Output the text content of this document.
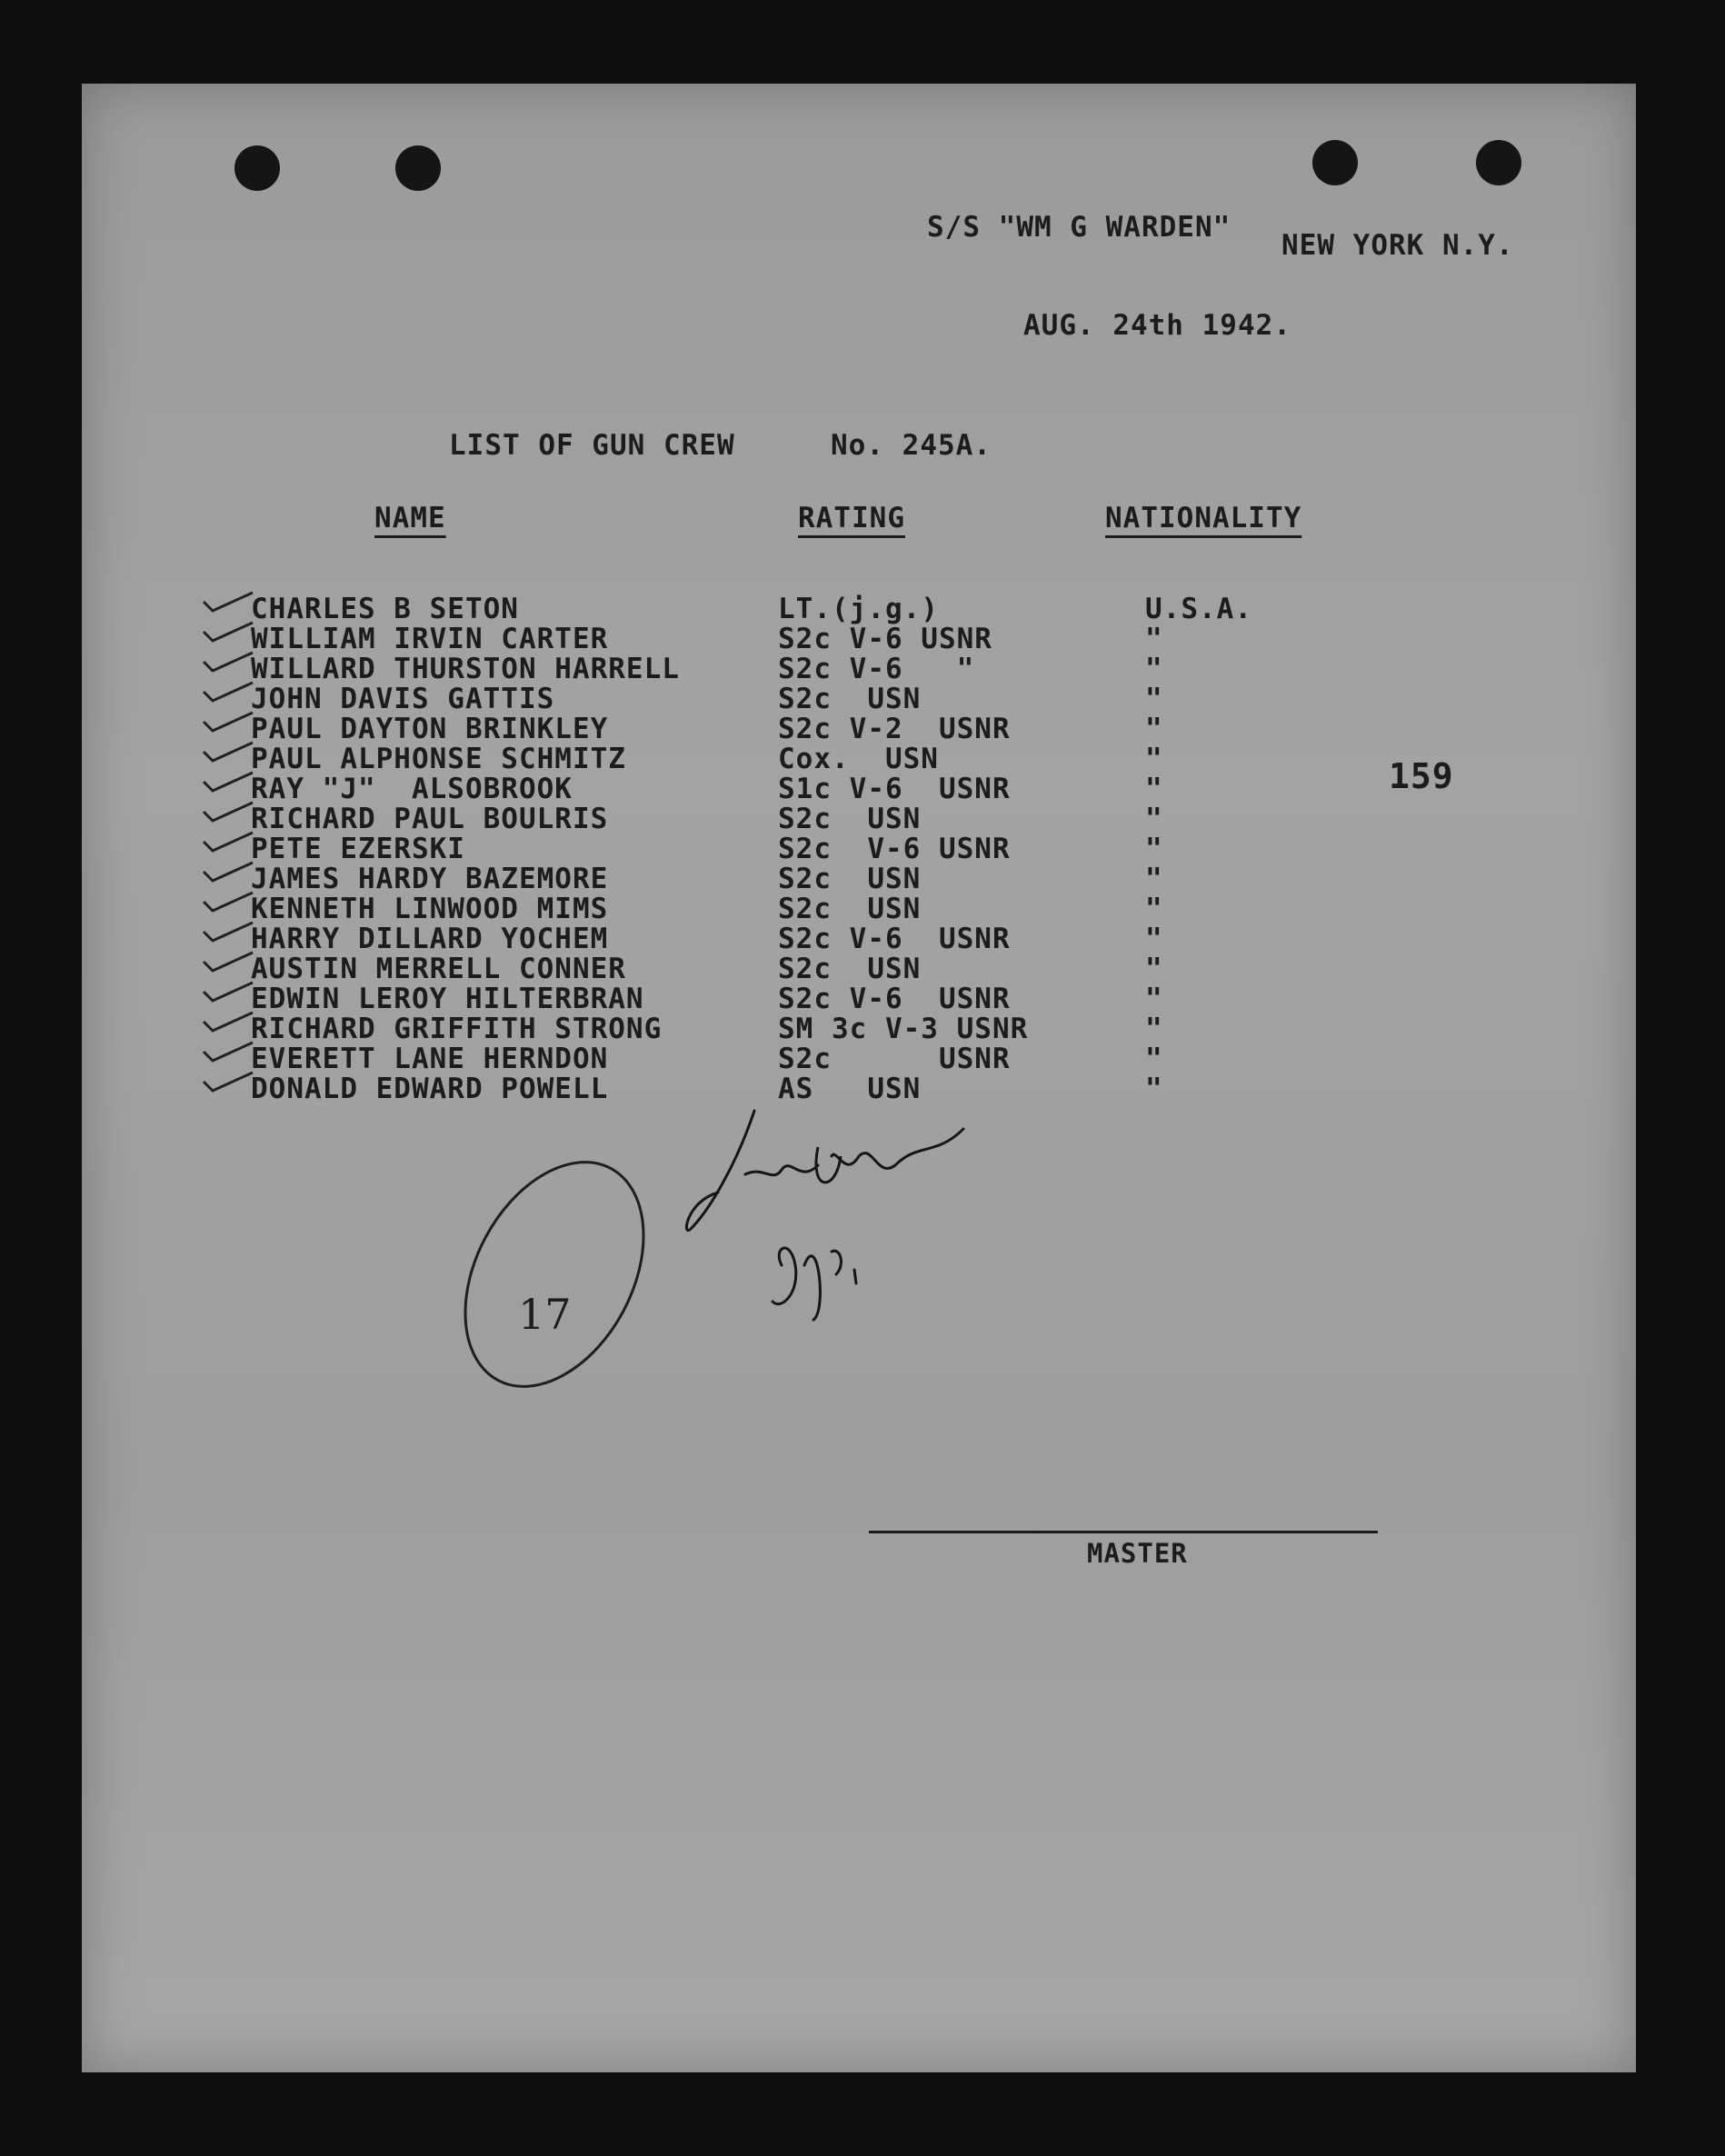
S/S "WM G WARDEN"
NEW YORK N.Y.
AUG. 24th 1942.
LIST OF GUN CREW	No. 245A.
NAME	RATING	NATIONALITY
159
CHARLES B SETON	LT.(j.g.)	U.S.A.
WILLIAM IRVIN CARTER	S2c V-6 USNR	"
WILLARD THURSTON HARRELL	S2c V-6   "	"
JOHN DAVIS GATTIS	S2c  USN	"
PAUL DAYTON BRINKLEY	S2c V-2  USNR	"
PAUL ALPHONSE SCHMITZ	Cox.  USN	"
RAY "J"  ALSOBROOK	S1c V-6  USNR	"
RICHARD PAUL BOULRIS	S2c  USN	"
PETE EZERSKI	S2c  V-6 USNR	"
JAMES HARDY BAZEMORE	S2c  USN	"
KENNETH LINWOOD MIMS	S2c  USN	"
HARRY DILLARD YOCHEM	S2c V-6  USNR	"
AUSTIN MERRELL CONNER	S2c  USN	"
EDWIN LEROY HILTERBRAN	S2c V-6  USNR	"
RICHARD GRIFFITH STRONG	SM 3c V-3 USNR	"
EVERETT LANE HERNDON	S2c      USNR	"
DONALD EDWARD POWELL	AS   USN	"
17
MASTER
